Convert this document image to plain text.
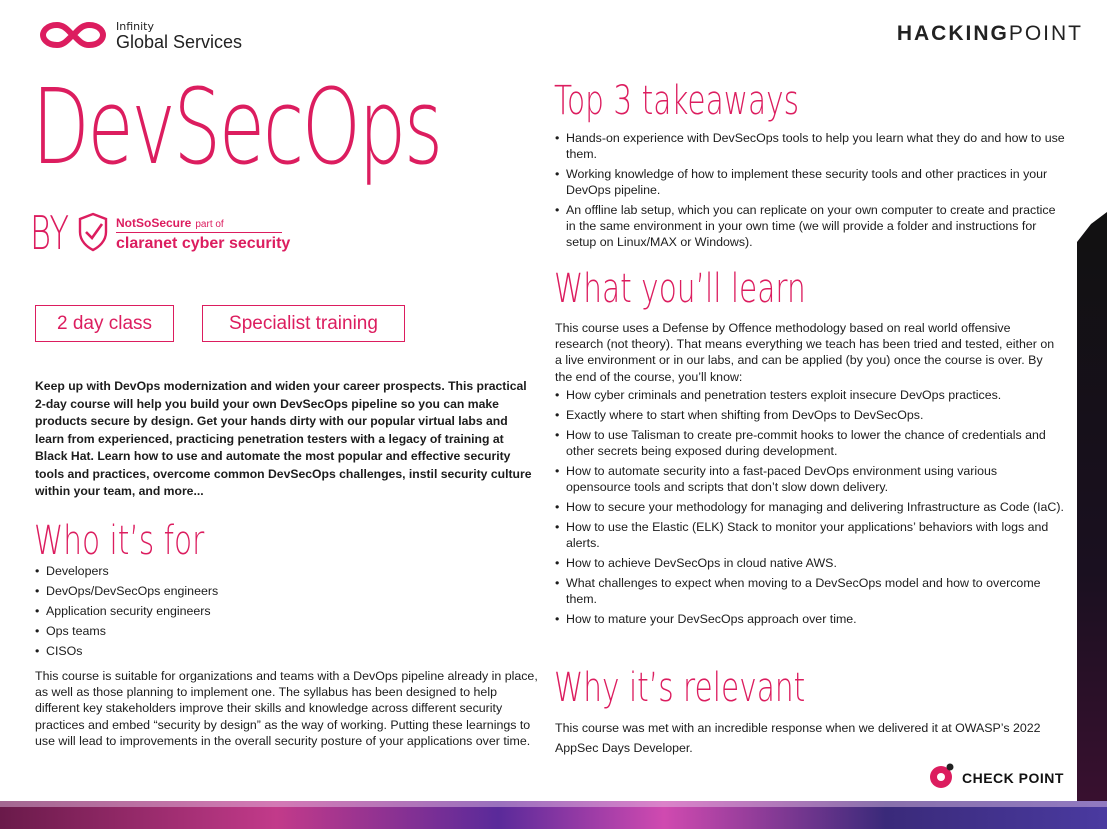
Infinity
Global Services	HACKINGPOINT
DevSecOps
BY	NotSoSecure part of
claranet cyber security
2 day class	Specialist training
Keep up with DevOps modernization and widen your career prospects. This practical 2-day course will help you build your own DevSecOps pipeline so you can make products secure by design. Get your hands dirty with our popular virtual labs and learn from experienced, practicing penetration testers with a legacy of training at Black Hat. Learn how to use and automate the most popular and effective security tools and practices, overcome common DevSecOps challenges, instil security culture within your team, and more...
Who it’s for
• Developers
• DevOps/DevSecOps engineers
• Application security engineers
• Ops teams
• CISOs
This course is suitable for organizations and teams with a DevOps pipeline already in place, as well as those planning to implement one. The syllabus has been designed to help different key stakeholders improve their skills and knowledge across different security practices and embed “security by design” as the way of working. Putting these learnings to use will lead to improvements in the overall security posture of your applications over time.
Top 3 takeaways
• Hands-on experience with DevSecOps tools to help you learn what they do and how to use them.
• Working knowledge of how to implement these security tools and other practices in your DevOps pipeline.
• An offline lab setup, which you can replicate on your own computer to create and practice in the same environment in your own time (we will provide a folder and instructions for setup on Linux/MAX or Windows).
What you’ll learn
This course uses a Defense by Offence methodology based on real world offensive research (not theory). That means everything we teach has been tried and tested, either on a live environment or in our labs, and can be applied (by you) once the course is over. By the end of the course, you’ll know:
• How cyber criminals and penetration testers exploit insecure DevOps practices.
• Exactly where to start when shifting from DevOps to DevSecOps.
• How to use Talisman to create pre-commit hooks to lower the chance of credentials and other secrets being exposed during development.
• How to automate security into a fast-paced DevOps environment using various opensource tools and scripts that don’t slow down delivery.
• How to secure your methodology for managing and delivering Infrastructure as Code (IaC).
• How to use the Elastic (ELK) Stack to monitor your applications’ behaviors with logs and alerts.
• How to achieve DevSecOps in cloud native AWS.
• What challenges to expect when moving to a DevSecOps model and how to overcome them.
• How to mature your DevSecOps approach over time.
Why it’s relevant
This course was met with an incredible response when we delivered it at OWASP’s 2022 AppSec Days Developer.
CHECK POINT
